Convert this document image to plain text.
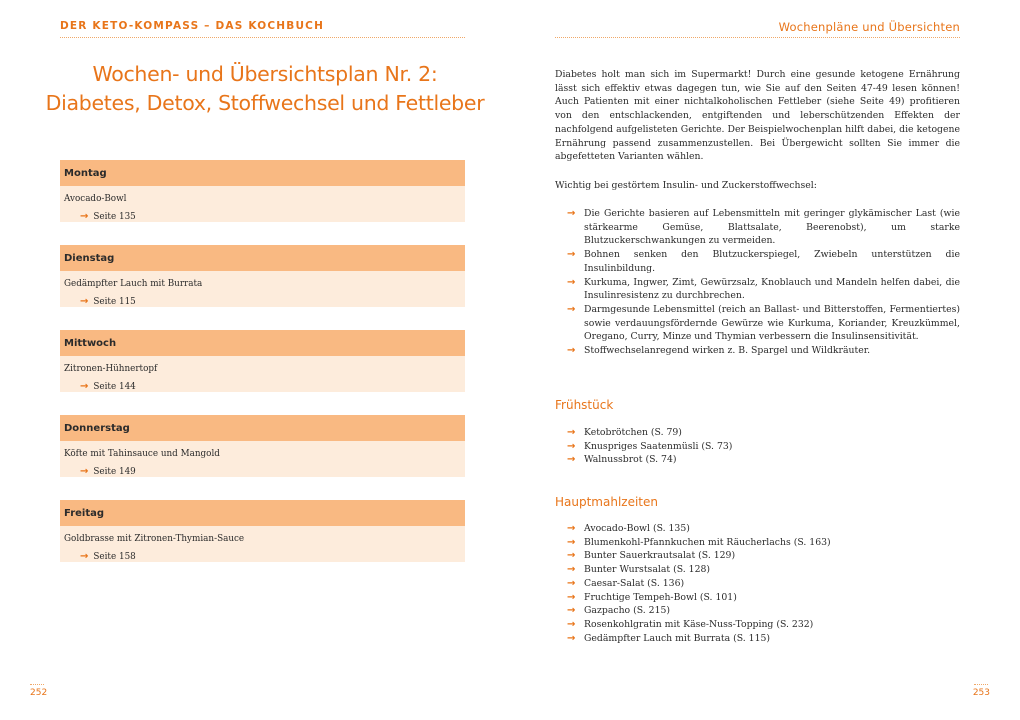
DER KETO-KOMPASS – DAS KOCHBUCH
Wochen- und Übersichtsplan Nr. 2:
Diabetes, Detox, Stoffwechsel und Fettleber
Montag
Avocado-Bowl
→ Seite 135
Dienstag
Gedämpfter Lauch mit Burrata
→ Seite 115
Mittwoch
Zitronen-Hühnertopf
→ Seite 144
Donnerstag
Köfte mit Tahinsauce und Mangold
→ Seite 149
Freitag
Goldbrasse mit Zitronen-Thymian-Sauce
→ Seite 158
252
Wochenpläne und Übersichten
Diabetes holt man sich im Supermarkt! Durch eine gesunde ketogene Ernährung lässt sich effektiv etwas dagegen tun, wie Sie auf den Seiten 47-49 lesen können! Auch Patienten mit einer nichtalkoholischen Fettleber (siehe Seite 49) profitieren von den entschlackenden, entgiftenden und leberschützenden Effekten der nachfolgend aufgelisteten Gerichte. Der Beispielwochenplan hilft dabei, die ketogene Ernährung passend zusammenzustellen. Bei Übergewicht sollten Sie immer die abgefetteten Varianten wählen.
Wichtig bei gestörtem Insulin- und Zuckerstoffwechsel:
→ Die Gerichte basieren auf Lebensmitteln mit geringer glykämischer Last (wie stärkearme Gemüse, Blattsalate, Beerenobst), um starke Blutzuckerschwankungen zu vermeiden.
→ Bohnen senken den Blutzuckerspiegel, Zwiebeln unterstützen die Insulinbildung.
→ Kurkuma, Ingwer, Zimt, Gewürzsalz, Knoblauch und Mandeln helfen dabei, die Insulinresistenz zu durchbrechen.
→ Darmgesunde Lebensmittel (reich an Ballast- und Bitterstoffen, Fermentiertes) sowie verdauungsfördernde Gewürze wie Kurkuma, Koriander, Kreuzkümmel, Oregano, Curry, Minze und Thymian verbessern die Insulinsensitivität.
→ Stoffwechselanregend wirken z. B. Spargel und Wildkräuter.
Frühstück
→ Ketobrötchen (S. 79)
→ Knuspriges Saatenmüsli (S. 73)
→ Walnussbrot (S. 74)
Hauptmahlzeiten
→ Avocado-Bowl (S. 135)
→ Blumenkohl-Pfannkuchen mit Räucherlachs (S. 163)
→ Bunter Sauerkrautsalat (S. 129)
→ Bunter Wurstsalat (S. 128)
→ Caesar-Salat (S. 136)
→ Fruchtige Tempeh-Bowl (S. 101)
→ Gazpacho (S. 215)
→ Rosenkohlgratin mit Käse-Nuss-Topping (S. 232)
→ Gedämpfter Lauch mit Burrata (S. 115)
253
